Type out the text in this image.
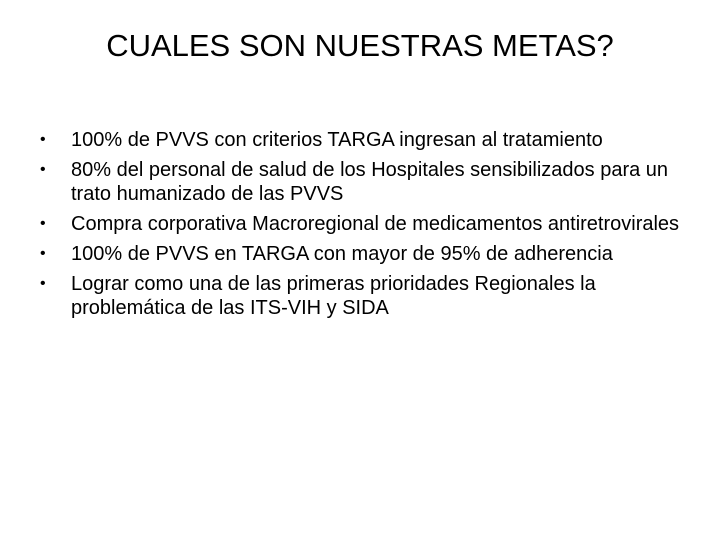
CUALES SON NUESTRAS METAS?
•	100% de PVVS con criterios TARGA ingresan al tratamiento
•	80% del personal de salud de los Hospitales sensibilizados para un trato humanizado de las PVVS
•	Compra corporativa Macroregional de medicamentos antiretrovirales
•	100% de PVVS en TARGA con mayor de 95% de adherencia
•	Lograr como una de las primeras prioridades Regionales la problemática de las ITS-VIH y SIDA
